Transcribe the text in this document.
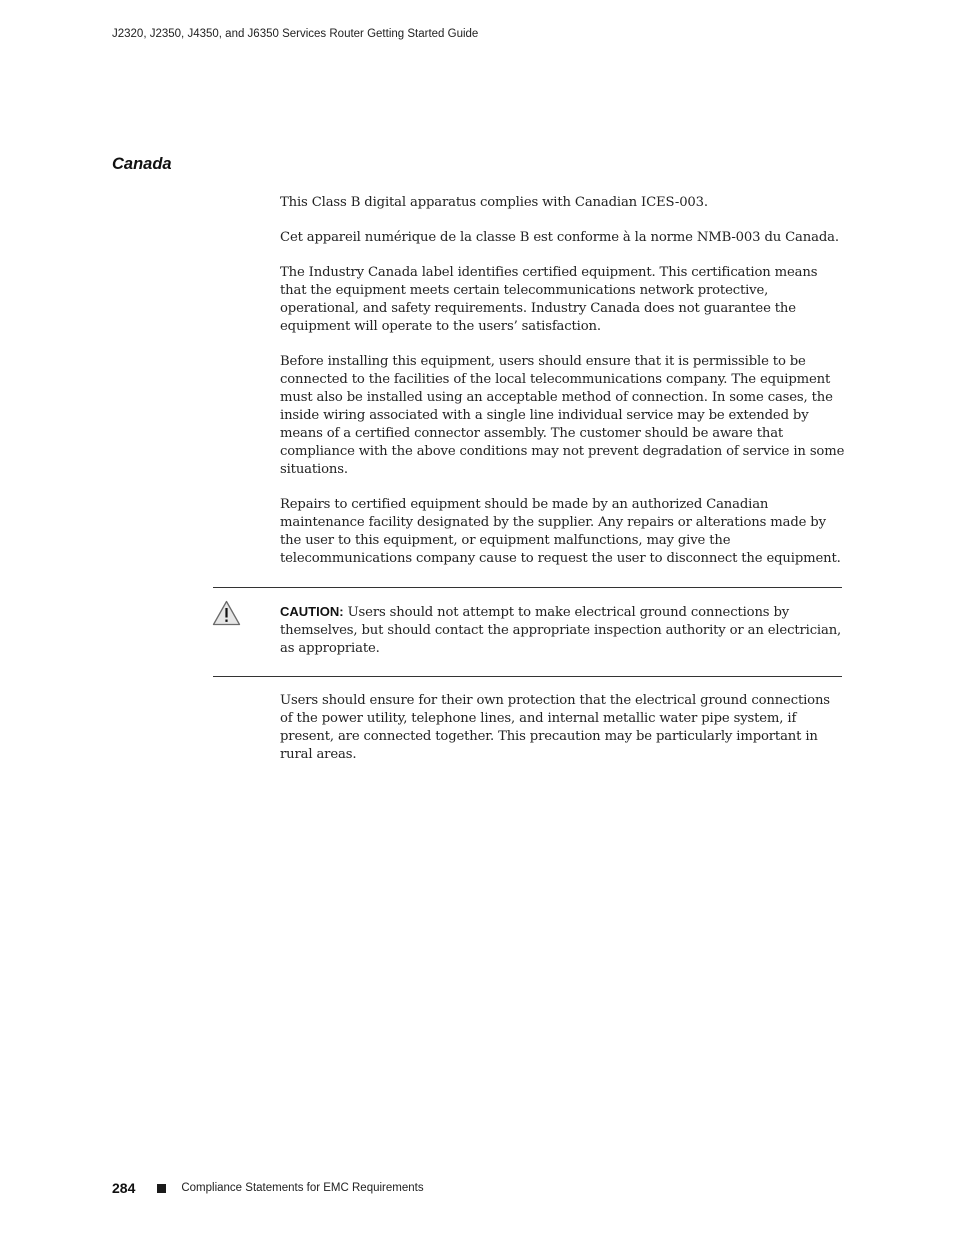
J2320, J2350, J4350, and J6350 Services Router Getting Started Guide
Canada

This Class B digital apparatus complies with Canadian ICES-003.

Cet appareil numérique de la classe B est conforme à la norme NMB-003 du Canada.

The Industry Canada label identifies certified equipment. This certification means that the equipment meets certain telecommunications network protective, operational, and safety requirements. Industry Canada does not guarantee the equipment will operate to the users’ satisfaction.

Before installing this equipment, users should ensure that it is permissible to be connected to the facilities of the local telecommunications company. The equipment must also be installed using an acceptable method of connection. In some cases, the inside wiring associated with a single line individual service may be extended by means of a certified connector assembly. The customer should be aware that compliance with the above conditions may not prevent degradation of service in some situations.

Repairs to certified equipment should be made by an authorized Canadian maintenance facility designated by the supplier. Any repairs or alterations made by the user to this equipment, or equipment malfunctions, may give the telecommunications company cause to request the user to disconnect the equipment.

CAUTION: Users should not attempt to make electrical ground connections by themselves, but should contact the appropriate inspection authority or an electrician, as appropriate.

Users should ensure for their own protection that the electrical ground connections of the power utility, telephone lines, and internal metallic water pipe system, if present, are connected together. This precaution may be particularly important in rural areas.

284	Compliance Statements for EMC Requirements
